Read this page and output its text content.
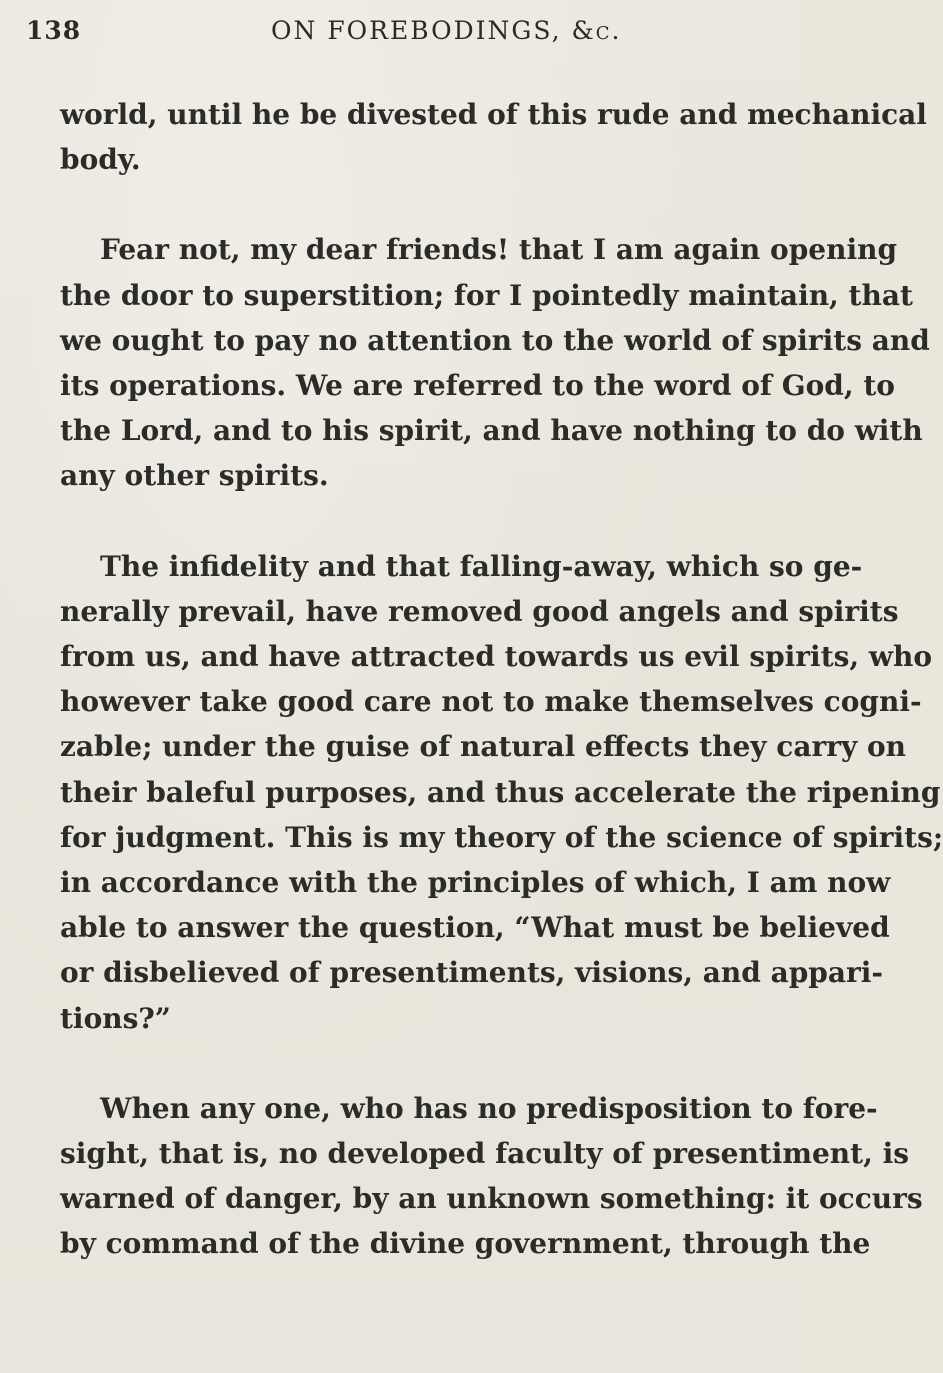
138	ON FOREBODINGS, &c.
world, until he be divested of this rude and mechanical
body.
Fear not, my dear friends! that I am again opening
the door to superstition; for I pointedly maintain, that
we ought to pay no attention to the world of spirits and
its operations. We are referred to the word of God, to
the Lord, and to his spirit, and have nothing to do with
any other spirits.
The infidelity and that falling-away, which so ge-
nerally prevail, have removed good angels and spirits
from us, and have attracted towards us evil spirits, who
however take good care not to make themselves cogni-
zable; under the guise of natural effects they carry on
their baleful purposes, and thus accelerate the ripening
for judgment. This is my theory of the science of spirits;
in accordance with the principles of which, I am now
able to answer the question, “What must be believed
or disbelieved of presentiments, visions, and appari-
tions?”
When any one, who has no predisposition to fore-
sight, that is, no developed faculty of presentiment, is
warned of danger, by an unknown something: it occurs
by command of the divine government, through the
